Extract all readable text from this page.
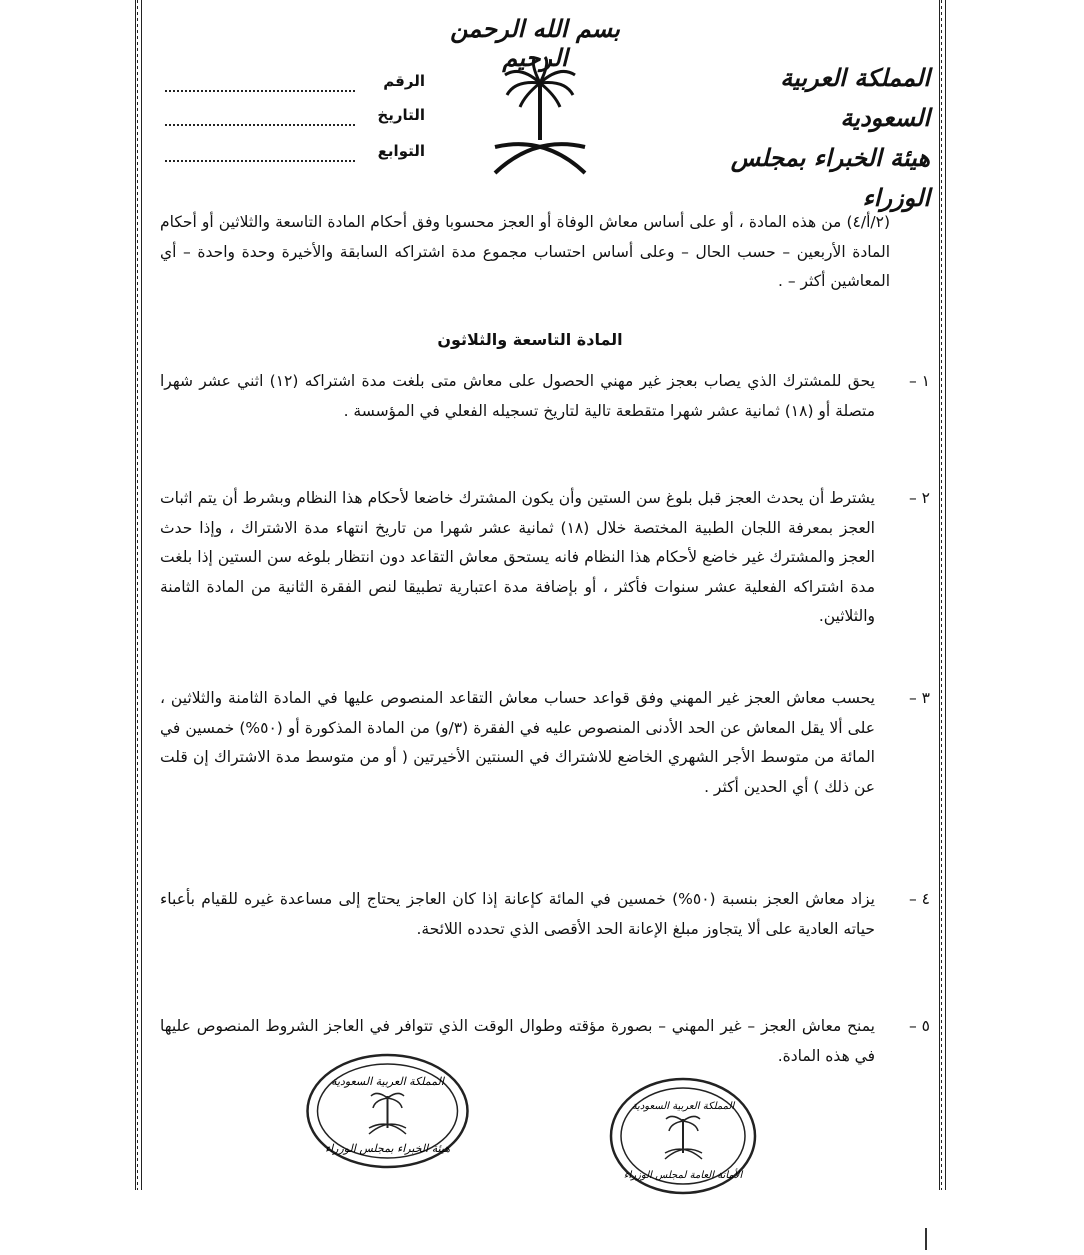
بسم الله الرحمن الرحيم
المملكة العربية السعودية
هيئة الخبراء بمجلس الوزراء
الرقم
التاريخ
التوابع
(٢/أ/٤) من هذه المادة ، أو على أساس معاش الوفاة أو العجز محسوبا وفق أحكام المادة التاسعة والثلاثين أو أحكام المادة الأربعين – حسب الحال – وعلى أساس احتساب مجموع مدة اشتراكه السابقة والأخيرة وحدة واحدة – أي المعاشين أكثر – .
المادة التاسعة والثلاثون
١ –
يحق للمشترك الذي يصاب بعجز غير مهني الحصول على معاش متى بلغت مدة اشتراكه (١٢) اثني عشر شهرا متصلة أو (١٨) ثمانية عشر شهرا متقطعة تالية لتاريخ تسجيله الفعلي في المؤسسة .
٢ –
يشترط أن يحدث العجز قبل بلوغ سن الستين وأن يكون المشترك خاضعا لأحكام هذا النظام وبشرط أن يتم اثبات العجز بمعرفة اللجان الطبية المختصة خلال (١٨) ثمانية عشر شهرا من تاريخ انتهاء مدة الاشتراك ، وإذا حدث العجز والمشترك غير خاضع لأحكام هذا النظام فانه يستحق معاش التقاعد دون انتظار بلوغه سن الستين إذا بلغت مدة اشتراكه الفعلية عشر سنوات فأكثر ، أو بإضافة مدة اعتبارية تطبيقا لنص الفقرة الثانية من المادة الثامنة والثلاثين.
٣ –
يحسب معاش العجز غير المهني وفق قواعد حساب معاش التقاعد المنصوص عليها في المادة الثامنة والثلاثين ، على ألا يقل المعاش عن الحد الأدنى المنصوص عليه في الفقرة (٣/و) من المادة المذكورة أو (٥٠%) خمسين في المائة من متوسط الأجر الشهري الخاضع للاشتراك في السنتين الأخيرتين ( أو من متوسط مدة الاشتراك إن قلت عن ذلك ) أي الحدين أكثر .
٤ –
يزاد معاش العجز بنسبة (٥٠%) خمسين في المائة كإعانة إذا كان العاجز يحتاج إلى مساعدة غيره للقيام بأعباء حياته العادية على ألا يتجاوز مبلغ الإعانة الحد الأقصى الذي تحدده اللائحة.
٥ –
يمنح معاش العجز – غير المهني – بصورة مؤقته وطوال الوقت الذي تتوافر في العاجز الشروط المنصوص عليها في هذه المادة.
المملكة العربية السعودية
هيئة الخبراء بمجلس الوزراء
المملكة العربية السعودية
الأمانة العامة لمجلس الوزراء
